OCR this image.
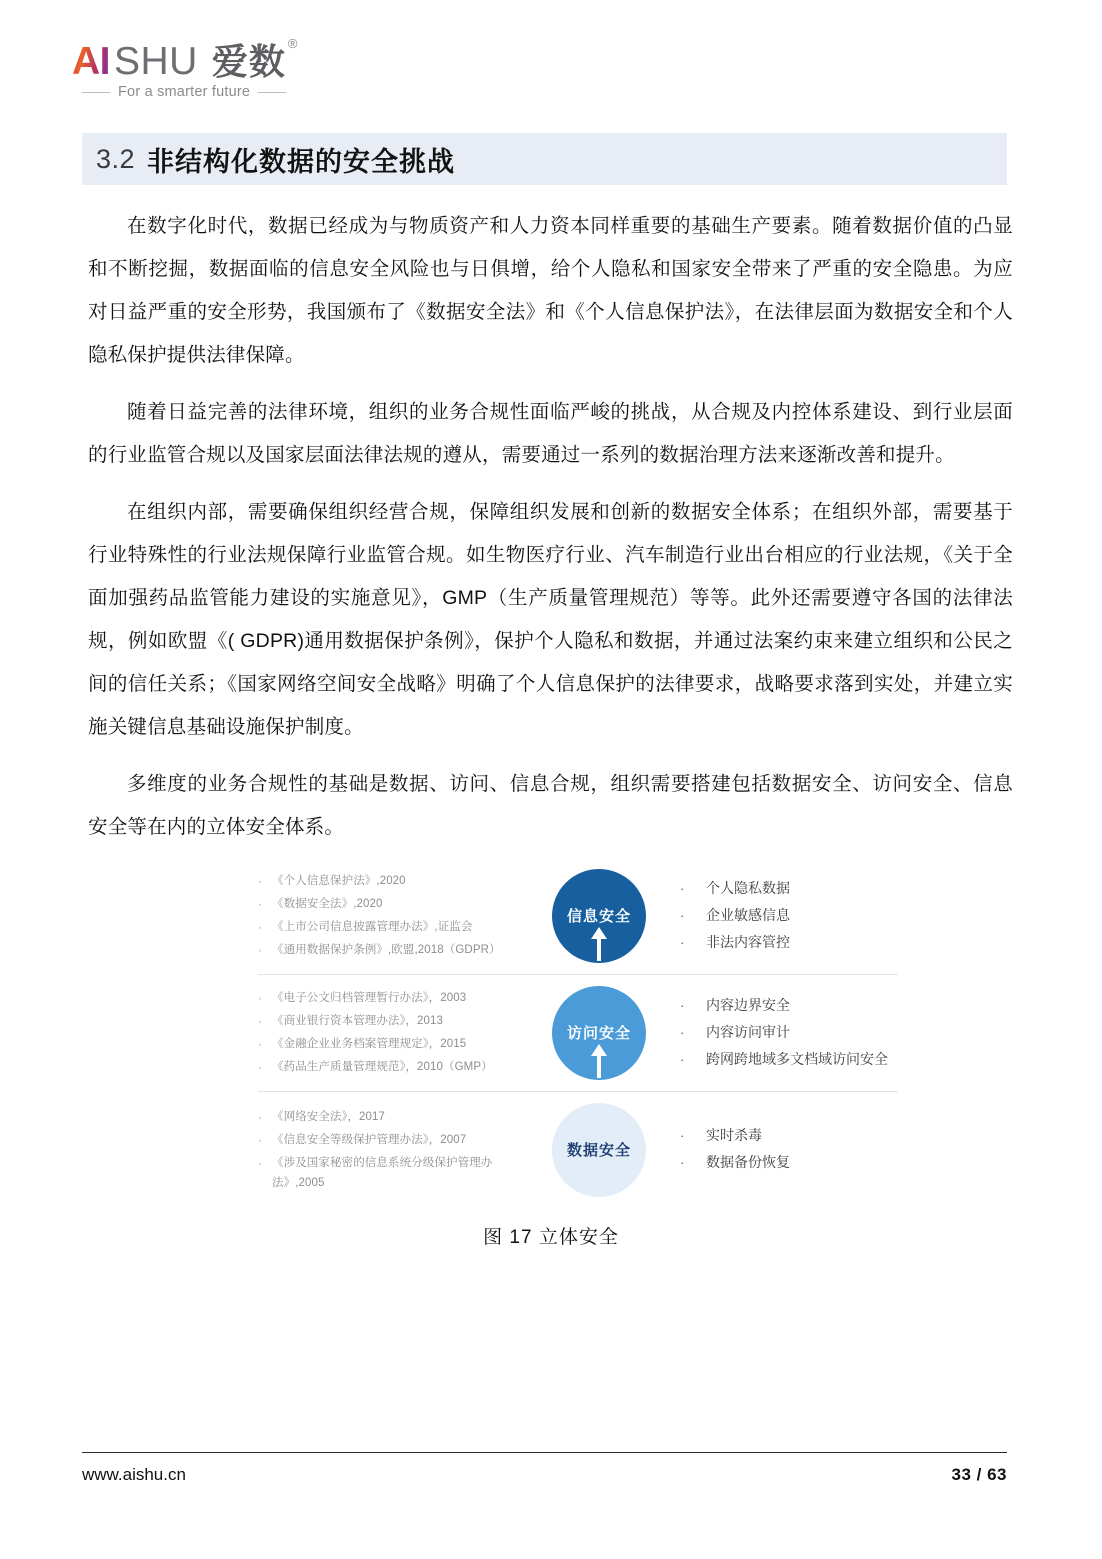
AI SHU 爱数 ®
For a smarter future
3.2 非结构化数据的安全挑战

在数字化时代，数据已经成为与物质资产和人力资本同样重要的基础生产要素。随着数据价值的凸显和不断挖掘，数据面临的信息安全风险也与日俱增，给个人隐私和国家安全带来了严重的安全隐患。为应对日益严重的安全形势，我国颁布了《数据安全法》和《个人信息保护法》，在法律层面为数据安全和个人隐私保护提供法律保障。

随着日益完善的法律环境，组织的业务合规性面临严峻的挑战，从合规及内控体系建设、到行业层面的行业监管合规以及国家层面法律法规的遵从，需要通过一系列的数据治理方法来逐渐改善和提升。

在组织内部，需要确保组织经营合规，保障组织发展和创新的数据安全体系；在组织外部，需要基于行业特殊性的行业法规保障行业监管合规。如生物医疗行业、汽车制造行业出台相应的行业法规，《关于全面加强药品监管能力建设的实施意见》，GMP（生产质量管理规范）等等。此外还需要遵守各国的法律法规，例如欧盟《( GDPR)通用数据保护条例》，保护个人隐私和数据，并通过法案约束来建立组织和公民之间的信任关系；《国家网络空间安全战略》明确了个人信息保护的法律要求，战略要求落到实处，并建立实施关键信息基础设施保护制度。

多维度的业务合规性的基础是数据、访问、信息合规，组织需要搭建包括数据安全、访问安全、信息安全等在内的立体安全体系。

· 《个人信息保护法》,2020
· 《数据安全法》,2020
· 《上市公司信息披露管理办法》,证监会
· 《通用数据保护条例》,欧盟,2018（GDPR）
信息安全
·	个人隐私数据
·	企业敏感信息
·	非法内容管控
· 《电子公文归档管理暂行办法》，2003
· 《商业银行资本管理办法》，2013
· 《金融企业业务档案管理规定》，2015
· 《药品生产质量管理规范》，2010（GMP）
访问安全
·	内容边界安全
·	内容访问审计
·	跨网跨地域多文档域访问安全
· 《网络安全法》，2017
· 《信息安全等级保护管理办法》，2007
· 《涉及国家秘密的信息系统分级保护管理办法》,2005
数据安全
·	实时杀毒
·	数据备份恢复
图 17 立体安全
www.aishu.cn	33 / 63
